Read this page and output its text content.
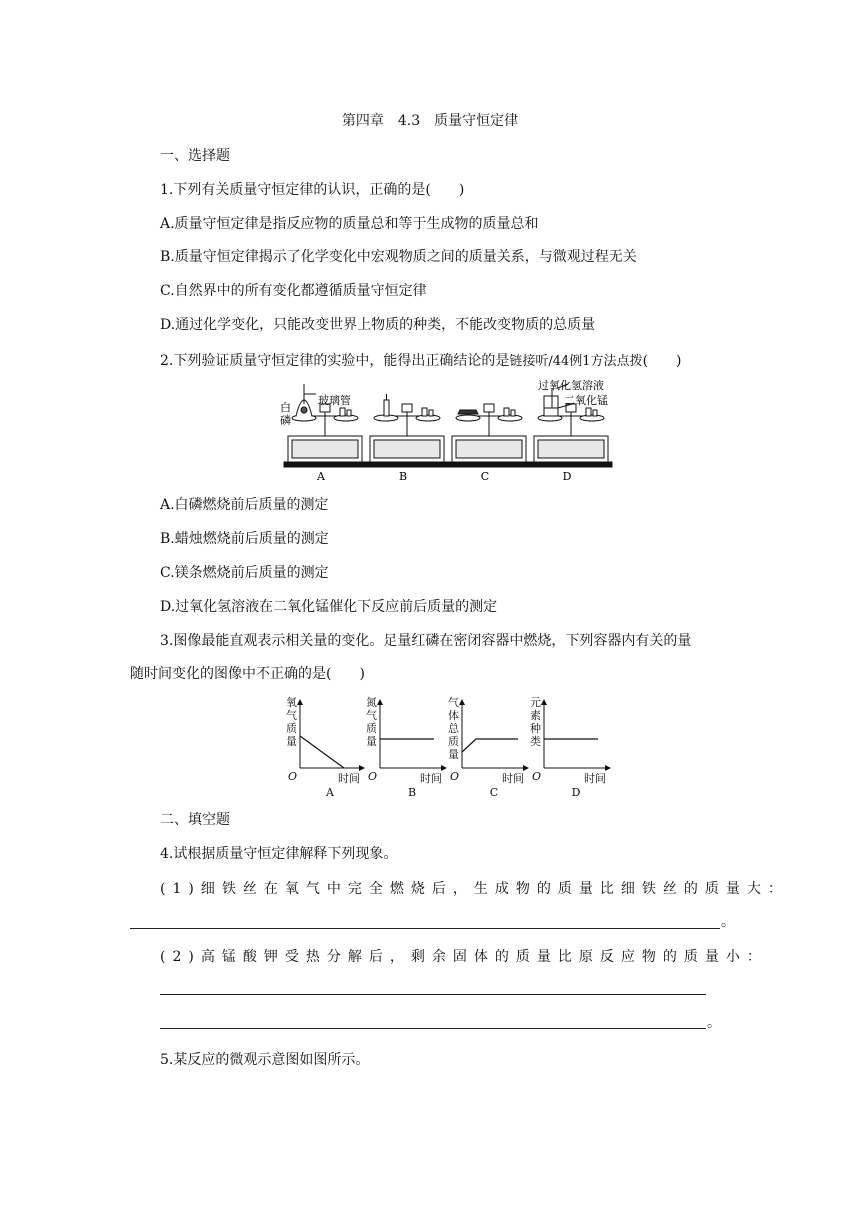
第四章　4.3　质量守恒定律
一、选择题
1.下列有关质量守恒定律的认识，正确的是(　　)
A.质量守恒定律是指反应物的质量总和等于生成物的质量总和
B.质量守恒定律揭示了化学变化中宏观物质之间的质量关系，与微观过程无关
C.自然界中的所有变化都遵循质量守恒定律
D.通过化学变化，只能改变世界上物质的种类，不能改变物质的总质量
2.下列验证质量守恒定律的实验中，能得出正确结论的是链接听/44例1方法点拨(　　)
白
磷
玻璃管
过氧化氢溶液
二氧化锰
A	B	C	D
A.白磷燃烧前后质量的测定
B.蜡烛燃烧前后质量的测定
C.镁条燃烧前后质量的测定
D.过氧化氢溶液在二氧化锰催化下反应前后质量的测定
3.图像最能直观表示相关量的变化。足量红磷在密闭容器中燃烧，下列容器内有关的量
随时间变化的图像中不正确的是(　　)
氧
气
质
量
氮
气
质
量
气
体
总
质
量
元
素
种
类
时间	时间	时间	时间
O	O	O	O
A	B	C	D
二、填空题
4.试根据质量守恒定律解释下列现象。
(1)细铁丝在氧气中完全燃烧后，生成物的质量比细铁丝的质量大：
。
(2)高锰酸钾受热分解后，剩余固体的质量比原反应物的质量小：
。
5.某反应的微观示意图如图所示。
